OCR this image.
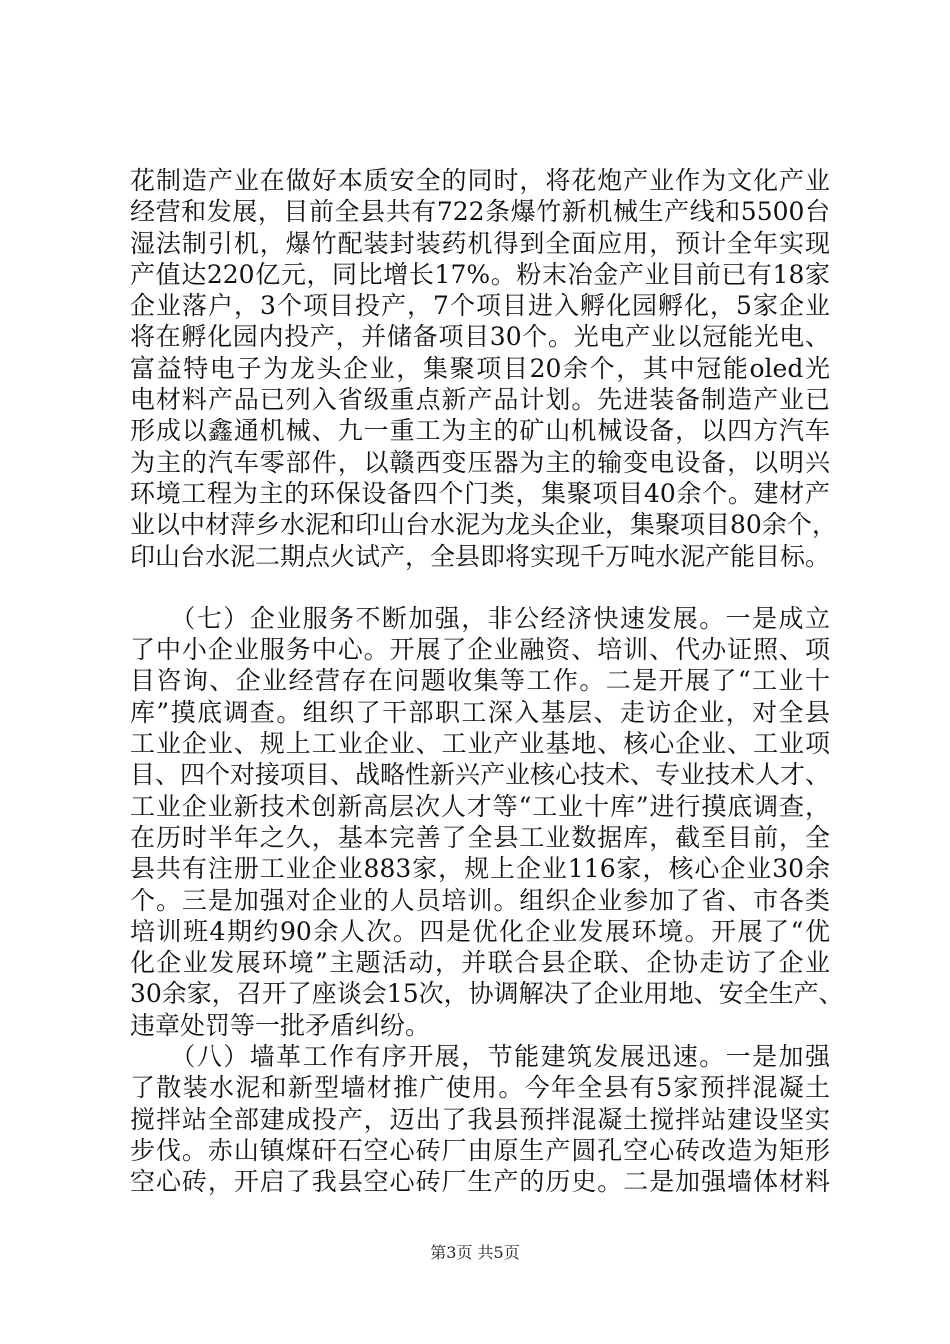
花制造产业在做好本质安全的同时，将花炮产业作为文化产业
经营和发展，目前全县共有722条爆竹新机械生产线和5500台
湿法制引机，爆竹配装封装药机得到全面应用，预计全年实现
产值达220亿元，同比增长17%。粉末冶金产业目前已有18家
企业落户，3个项目投产，7个项目进入孵化园孵化，5家企业
将在孵化园内投产，并储备项目30个。光电产业以冠能光电、
富益特电子为龙头企业，集聚项目20余个，其中冠能oled光
电材料产品已列入省级重点新产品计划。先进装备制造产业已
形成以鑫通机械、九一重工为主的矿山机械设备，以四方汽车
为主的汽车零部件，以赣西变压器为主的输变电设备，以明兴
环境工程为主的环保设备四个门类，集聚项目40余个。建材产
业以中材萍乡水泥和印山台水泥为龙头企业，集聚项目80余个，
印山台水泥二期点火试产，全县即将实现千万吨水泥产能目标。
　　（七）企业服务不断加强，非公经济快速发展。一是成立
了中小企业服务中心。开展了企业融资、培训、代办证照、项
目咨询、企业经营存在问题收集等工作。二是开展了“工业十
库”摸底调查。组织了干部职工深入基层、走访企业，对全县
工业企业、规上工业企业、工业产业基地、核心企业、工业项
目、四个对接项目、战略性新兴产业核心技术、专业技术人才、
工业企业新技术创新高层次人才等“工业十库”进行摸底调查，
在历时半年之久，基本完善了全县工业数据库，截至目前，全
县共有注册工业企业883家，规上企业116家，核心企业30余
个。三是加强对企业的人员培训。组织企业参加了省、市各类
培训班4期约90余人次。四是优化企业发展环境。开展了“优
化企业发展环境”主题活动，并联合县企联、企协走访了企业
30余家，召开了座谈会15次，协调解决了企业用地、安全生产、
违章处罚等一批矛盾纠纷。
　　（八）墙革工作有序开展，节能建筑发展迅速。一是加强
了散装水泥和新型墙材推广使用。今年全县有5家预拌混凝土
搅拌站全部建成投产，迈出了我县预拌混凝土搅拌站建设坚实
步伐。赤山镇煤矸石空心砖厂由原生产圆孔空心砖改造为矩形
空心砖，开启了我县空心砖厂生产的历史。二是加强墙体材料
第3页 共5页
